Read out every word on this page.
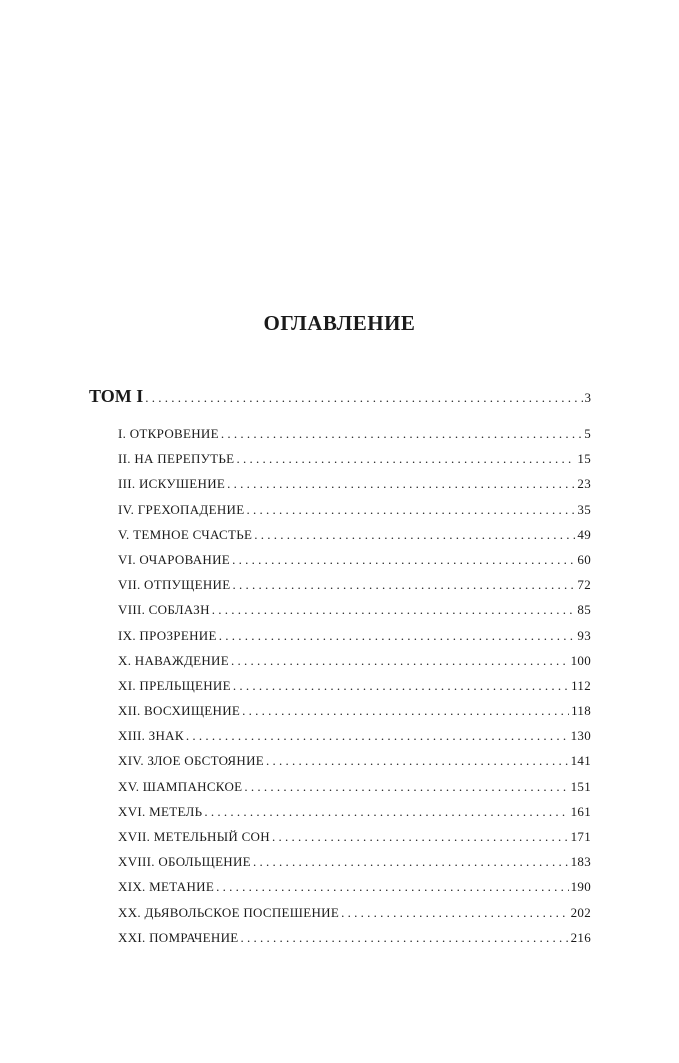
ОГЛАВЛЕНИЕ
ТОМ I . . .	3
I. ОТКРОВЕНИЕ . . .	5
II. НА ПЕРЕПУТЬЕ . . .	15
III. ИСКУШЕНИЕ . . .	23
IV. ГРЕХОПАДЕНИЕ . . .	35
V. ТЕМНОЕ СЧАСТЬЕ . . .	49
VI. ОЧАРОВАНИЕ . . .	60
VII. ОТПУЩЕНИЕ . . .	72
VIII. СОБЛАЗН . . .	85
IX. ПРОЗРЕНИЕ . . .	93
X. НАВАЖДЕНИЕ . . .	100
XI. ПРЕЛЬЩЕНИЕ . . .	112
XII. ВОСХИЩЕНИЕ . . .	118
XIII. ЗНАК . . .	130
XIV. ЗЛОЕ ОБСТОЯНИЕ . . .	141
XV. ШАМПАНСКОЕ . . .	151
XVI. МЕТЕЛЬ . . .	161
XVII. МЕТЕЛЬНЫЙ СОН . . .	171
XVIII. ОБОЛЬЩЕНИЕ . . .	183
XIX. МЕТАНИЕ . . .	190
XX. ДЬЯВОЛЬСКОЕ ПОСПЕШЕНИЕ . . .	202
XXI. ПОМРАЧЕНИЕ . . .	216
